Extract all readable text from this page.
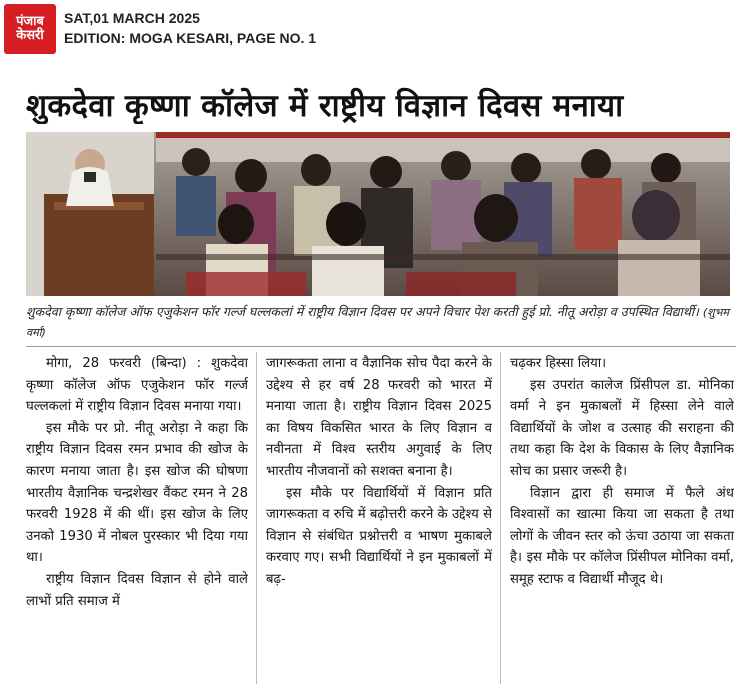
पंजाब
केसरी
SAT,01 MARCH 2025
EDITION: MOGA KESARI, PAGE NO. 1
शुकदेवा कृष्णा कॉलेज में राष्ट्रीय विज्ञान दिवस मनाया
शुकदेवा कृष्णा कॉलेज ऑफ एजुकेशन फॉर गर्ल्ज घल्लकलां में राष्ट्रीय विज्ञान दिवस पर अपने विचार पेश करती हुई प्रो. नीतू अरोड़ा व उपस्थित विद्यार्थी। (शुभम वर्मा)

मोगा, 28 फरवरी (बिन्दा) : शुकदेवा कृष्णा कॉलेज ऑफ एजुकेशन फॉर गर्ल्ज घल्लकलां में राष्ट्रीय विज्ञान दिवस मनाया गया।

इस मौके पर प्रो. नीतू अरोड़ा ने कहा कि राष्ट्रीय विज्ञान दिवस रमन प्रभाव की खोज के कारण मनाया जाता है। इस खोज की घोषणा भारतीय वैज्ञानिक चन्द्रशेखर वैंकट रमन ने 28 फरवरी 1928 में की थीं। इस खोज के लिए उनको 1930 में नोबल पुरस्कार भी दिया गया था।

राष्ट्रीय विज्ञान दिवस विज्ञान से होने वाले लाभों प्रति समाज में

जागरूकता लाना व वैज्ञानिक सोच पैदा करने के उद्देश्य से हर वर्ष 28 फरवरी को भारत में मनाया जाता है। राष्ट्रीय विज्ञान दिवस 2025 का विषय विकसित भारत के लिए विज्ञान व नवीनता में विश्व स्तरीय अगुवाई के लिए भारतीय नौजवानों को सशक्त बनाना है।

इस मौके पर विद्यार्थियों में विज्ञान प्रति जागरूकता व रुचि में बढ़ोत्तरी करने के उद्देश्य से विज्ञान से संबंधित प्रश्नोत्तरी व भाषण मुकाबले करवाए गए। सभी विद्यार्थियों ने इन मुकाबलों में बढ़-

चढ़कर हिस्सा लिया।

इस उपरांत कालेज प्रिंसीपल डा. मोनिका वर्मा ने इन मुकाबलों में हिस्सा लेने वाले विद्यार्थियों के जोश व उत्साह की सराहना की तथा कहा कि देश के विकास के लिए वैज्ञानिक सोच का प्रसार जरूरी है।

विज्ञान द्वारा ही समाज में फैले अंध विश्वासों का खात्मा किया जा सकता है तथा लोगों के जीवन स्तर को ऊंचा उठाया जा सकता है। इस मौके पर कॉलेज प्रिंसीपल मोनिका वर्मा, समूह स्टाफ व विद्यार्थी मौजूद थे।
